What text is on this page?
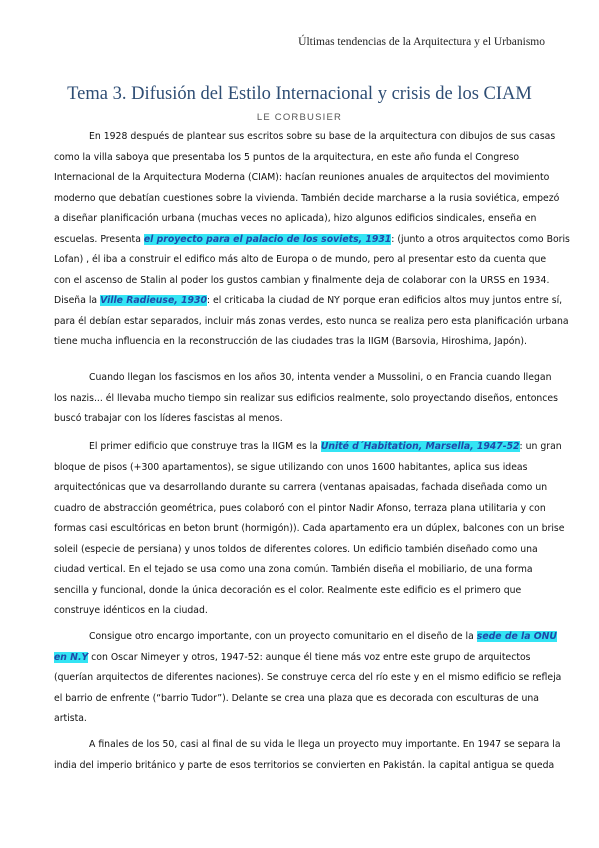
Últimas tendencias de la Arquitectura y el Urbanismo
Tema 3. Difusión del Estilo Internacional y crisis de los CIAM
LE CORBUSIER
En 1928 después de plantear sus escritos sobre su base de la arquitectura con dibujos de sus casas
como la villa saboya que presentaba los 5 puntos de la arquitectura, en este año funda el Congreso
Internacional de la Arquitectura Moderna (CIAM): hacían reuniones anuales de arquitectos del movimiento
moderno que debatían cuestiones sobre la vivienda. También decide marcharse a la rusia soviética, empezó
a diseñar planificación urbana (muchas veces no aplicada), hizo algunos edificios sindicales, enseña en
escuelas. Presenta el proyecto para el palacio de los soviets, 1931: (junto a otros arquitectos como Boris
Lofan) , él iba a construir el edifico más alto de Europa o de mundo, pero al presentar esto da cuenta que
con el ascenso de Stalin al poder los gustos cambian y finalmente deja de colaborar con la URSS en 1934.
Diseña la Ville Radieuse, 1930: el criticaba la ciudad de NY porque eran edificios altos muy juntos entre sí,
para él debían estar separados, incluir más zonas verdes, esto nunca se realiza pero esta planificación urbana
tiene mucha influencia en la reconstrucción de las ciudades tras la IIGM (Barsovia, Hiroshima, Japón).
Cuando llegan los fascismos en los años 30, intenta vender a Mussolini, o en Francia cuando llegan
los nazis... él llevaba mucho tiempo sin realizar sus edificios realmente, solo proyectando diseños, entonces
buscó trabajar con los líderes fascistas al menos.
El primer edificio que construye tras la IIGM es la Unité d´Habitation, Marsella, 1947-52: un gran
bloque de pisos (+300 apartamentos), se sigue utilizando con unos 1600 habitantes, aplica sus ideas
arquitectónicas que va desarrollando durante su carrera (ventanas apaisadas, fachada diseñada como un
cuadro de abstracción geométrica, pues colaboró con el pintor Nadir Afonso, terraza plana utilitaria y con
formas casi escultóricas en beton brunt (hormigón)). Cada apartamento era un dúplex, balcones con un brise
soleil (especie de persiana) y unos toldos de diferentes colores. Un edificio también diseñado como una
ciudad vertical. En el tejado se usa como una zona común. También diseña el mobiliario, de una forma
sencilla y funcional, donde la única decoración es el color. Realmente este edificio es el primero que
construye idénticos en la ciudad.
Consigue otro encargo importante, con un proyecto comunitario en el diseño de la sede de la ONU
en N.Y con Oscar Nimeyer y otros, 1947-52: aunque él tiene más voz entre este grupo de arquitectos
(querían arquitectos de diferentes naciones). Se construye cerca del río este y en el mismo edificio se refleja
el barrio de enfrente (“barrio Tudor”). Delante se crea una plaza que es decorada con esculturas de una
artista.
A finales de los 50, casi al final de su vida le llega un proyecto muy importante. En 1947 se separa la
india del imperio británico y parte de esos territorios se convierten en Pakistán. la capital antigua se queda
